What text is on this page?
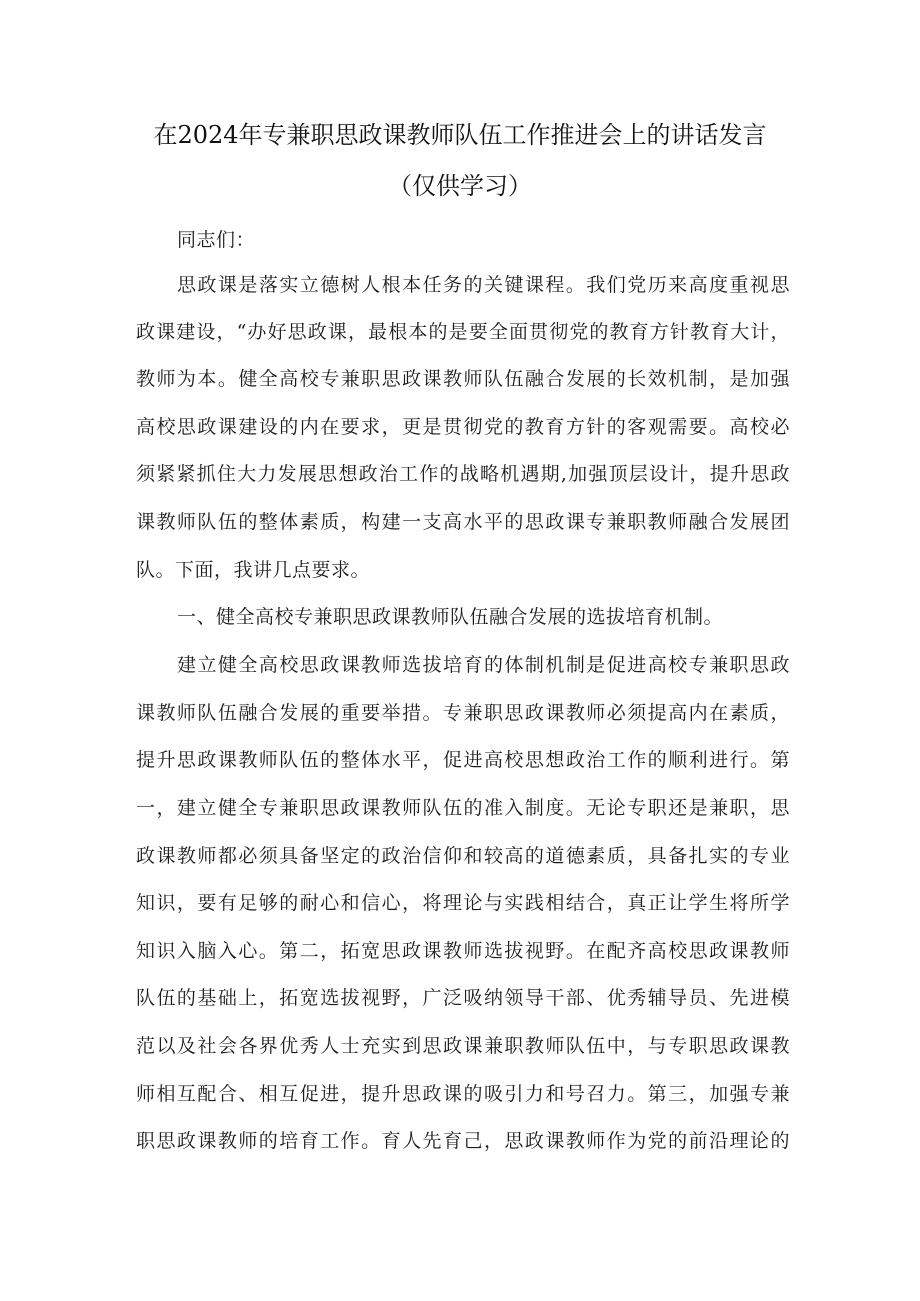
在2024年专兼职思政课教师队伍工作推进会上的讲话发言
（仅供学习）
同志们：
思政课是落实立德树人根本任务的关键课程。我们党历来高度重视思
政课建设，“办好思政课，最根本的是要全面贯彻党的教育方针教育大计，
教师为本。健全高校专兼职思政课教师队伍融合发展的长效机制，是加强
高校思政课建设的内在要求，更是贯彻党的教育方针的客观需要。高校必
须紧紧抓住大力发展思想政治工作的战略机遇期,加强顶层设计，提升思政
课教师队伍的整体素质，构建一支高水平的思政课专兼职教师融合发展团
队。下面，我讲几点要求。
一、健全高校专兼职思政课教师队伍融合发展的选拔培育机制。
建立健全高校思政课教师选拔培育的体制机制是促进高校专兼职思政
课教师队伍融合发展的重要举措。专兼职思政课教师必须提高内在素质，
提升思政课教师队伍的整体水平，促进高校思想政治工作的顺利进行。第
一，建立健全专兼职思政课教师队伍的准入制度。无论专职还是兼职，思
政课教师都必须具备坚定的政治信仰和较高的道德素质，具备扎实的专业
知识，要有足够的耐心和信心，将理论与实践相结合，真正让学生将所学
知识入脑入心。第二，拓宽思政课教师选拔视野。在配齐高校思政课教师
队伍的基础上，拓宽选拔视野，广泛吸纳领导干部、优秀辅导员、先进模
范以及社会各界优秀人士充实到思政课兼职教师队伍中，与专职思政课教
师相互配合、相互促进，提升思政课的吸引力和号召力。第三，加强专兼
职思政课教师的培育工作。育人先育己，思政课教师作为党的前沿理论的
